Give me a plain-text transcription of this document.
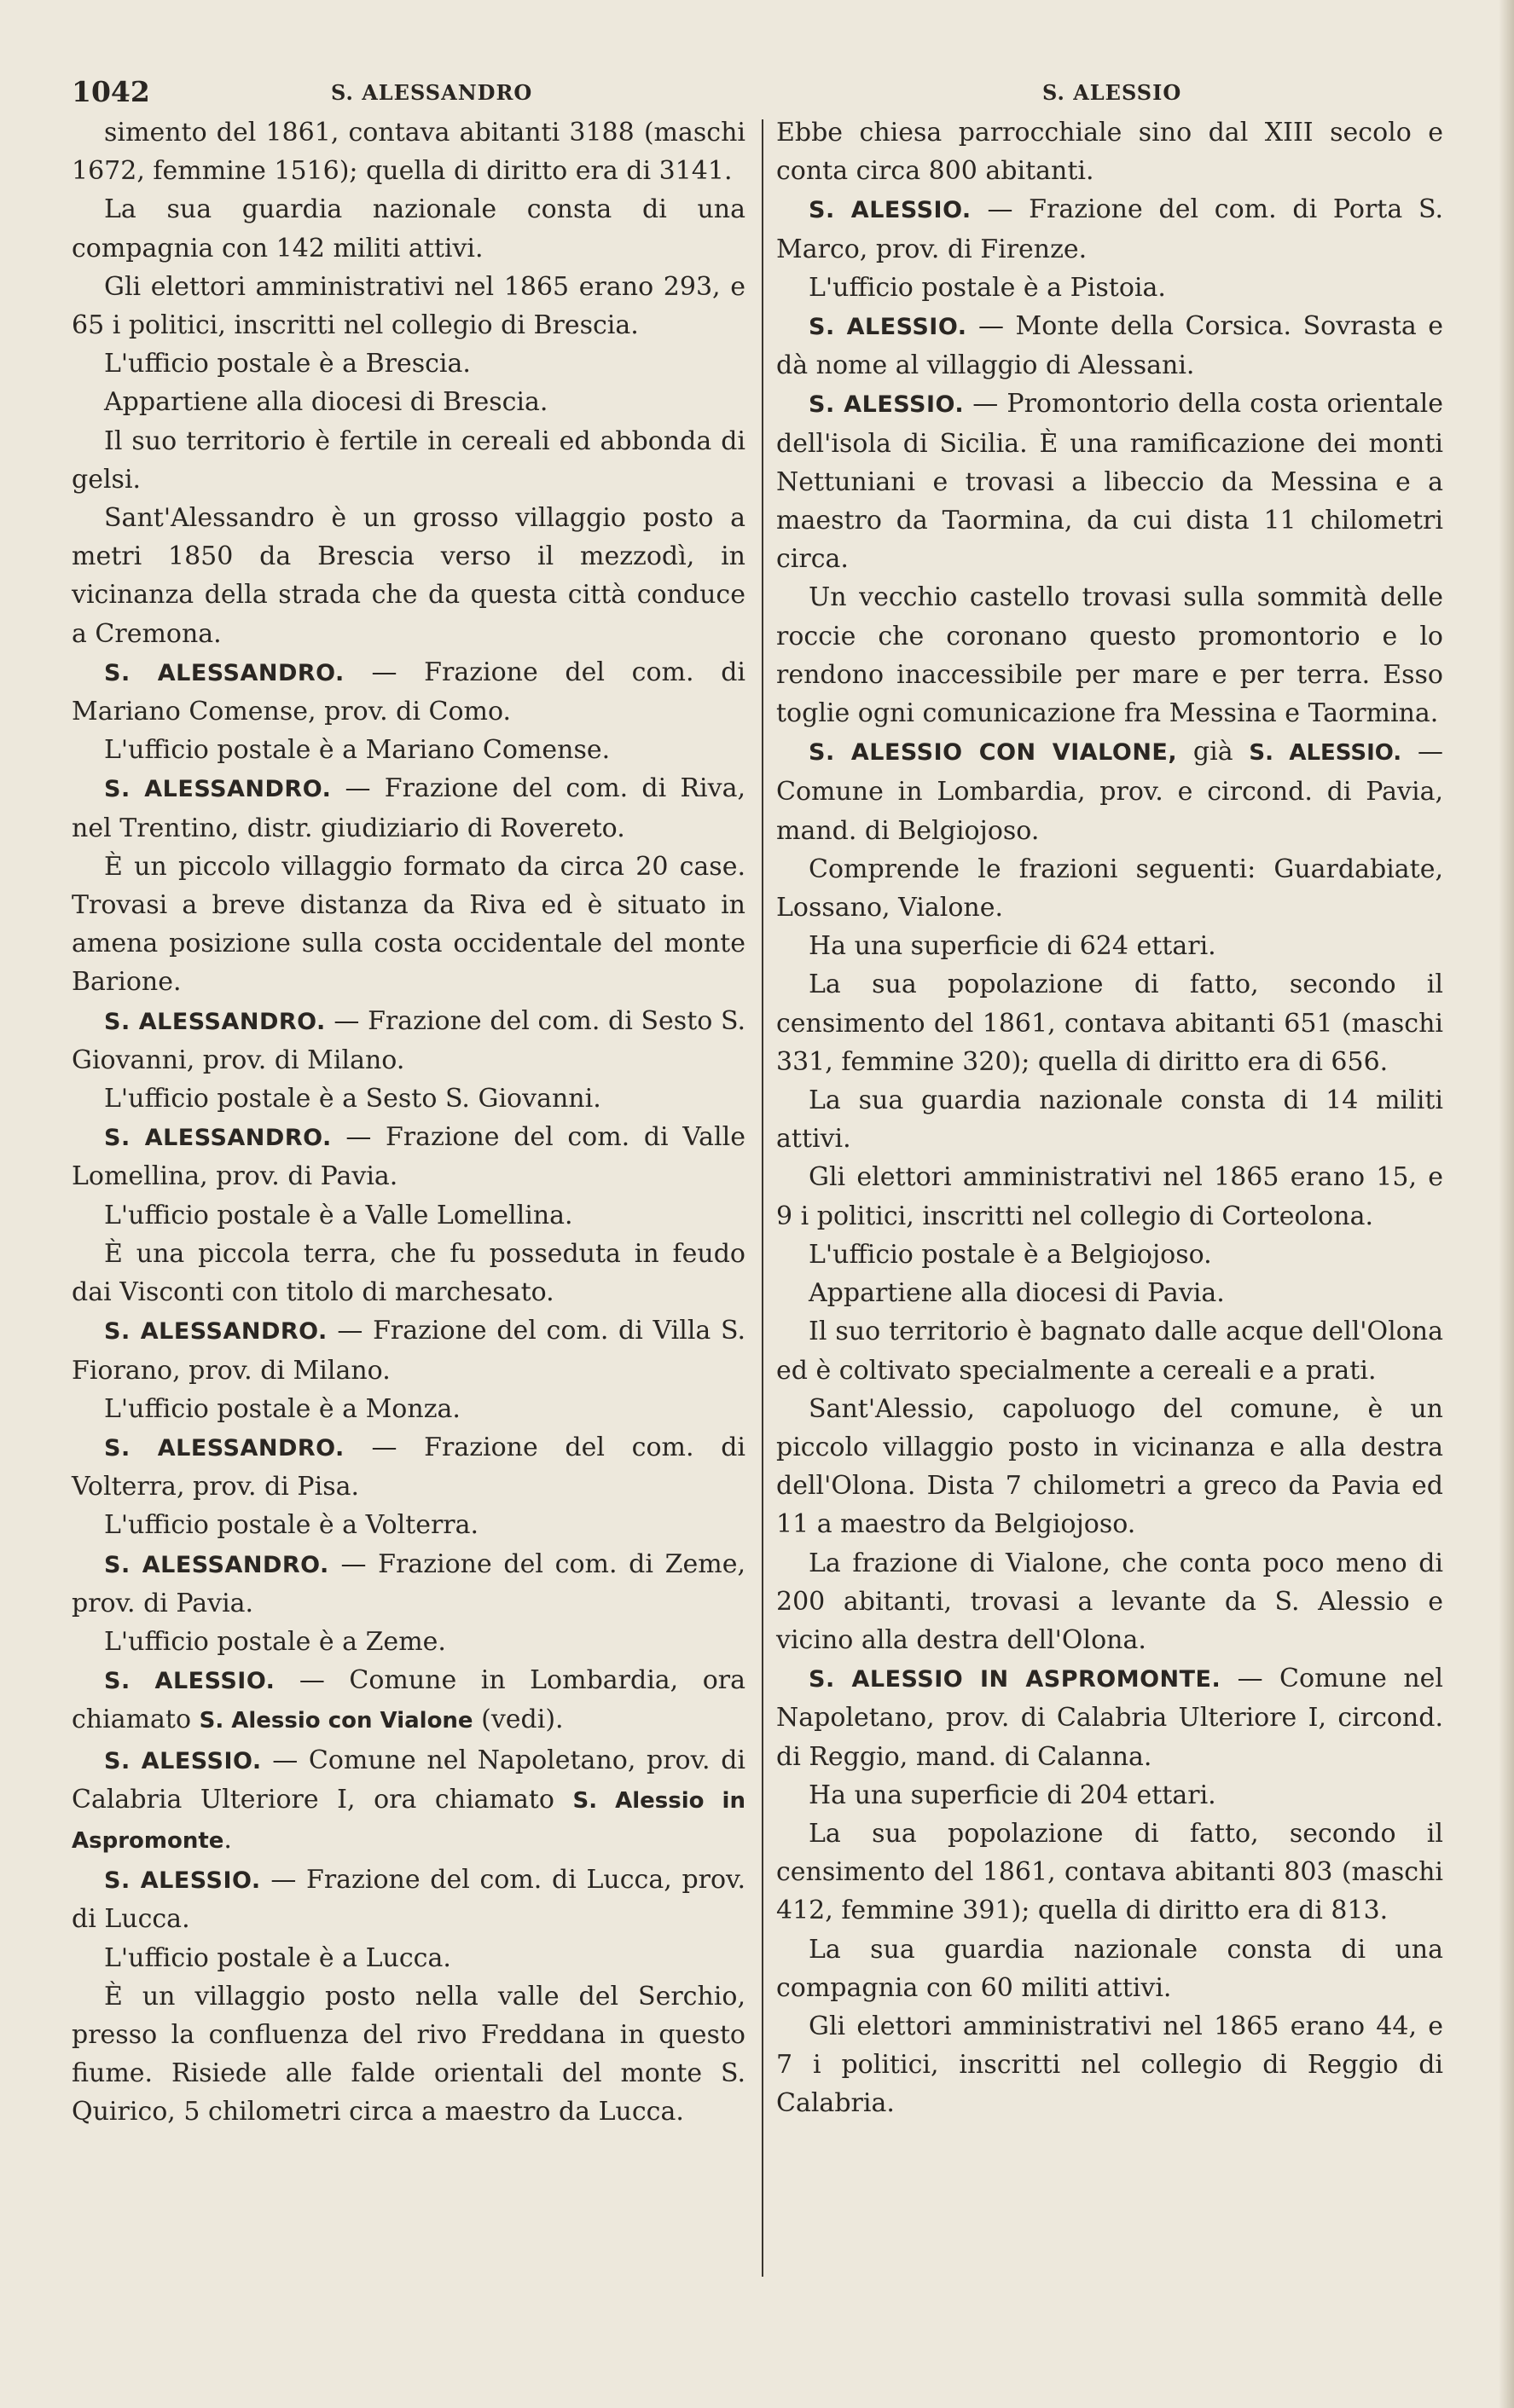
1042	S. ALESSANDRO	S. ALESSIO

simento del 1861, contava abitanti 3188 (maschi 1672, femmine 1516); quella di diritto era di 3141.

La sua guardia nazionale consta di una compagnia con 142 militi attivi.

Gli elettori amministrativi nel 1865 erano 293, e 65 i politici, inscritti nel collegio di Brescia.

L'ufficio postale è a Brescia.

Appartiene alla diocesi di Brescia.

Il suo territorio è fertile in cereali ed abbonda di gelsi.

Sant'Alessandro è un grosso villaggio posto a metri 1850 da Brescia verso il mezzodì, in vicinanza della strada che da questa città conduce a Cremona.

S. ALESSANDRO. — Frazione del com. di Mariano Comense, prov. di Como.

L'ufficio postale è a Mariano Comense.

S. ALESSANDRO. — Frazione del com. di Riva, nel Trentino, distr. giudiziario di Rovereto.

È un piccolo villaggio formato da circa 20 case. Trovasi a breve distanza da Riva ed è situato in amena posizione sulla costa occidentale del monte Barione.

S. ALESSANDRO. — Frazione del com. di Sesto S. Giovanni, prov. di Milano.

L'ufficio postale è a Sesto S. Giovanni.

S. ALESSANDRO. — Frazione del com. di Valle Lomellina, prov. di Pavia.

L'ufficio postale è a Valle Lomellina.

È una piccola terra, che fu posseduta in feudo dai Visconti con titolo di marchesato.

S. ALESSANDRO. — Frazione del com. di Villa S. Fiorano, prov. di Milano.

L'ufficio postale è a Monza.

S. ALESSANDRO. — Frazione del com. di Volterra, prov. di Pisa.

L'ufficio postale è a Volterra.

S. ALESSANDRO. — Frazione del com. di Zeme, prov. di Pavia.

L'ufficio postale è a Zeme.

S. ALESSIO. — Comune in Lombardia, ora chiamato S. Alessio con Vialone (vedi).

S. ALESSIO. — Comune nel Napoletano, prov. di Calabria Ulteriore I, ora chiamato S. Alessio in Aspromonte.

S. ALESSIO. — Frazione del com. di Lucca, prov. di Lucca.

L'ufficio postale è a Lucca.

È un villaggio posto nella valle del Serchio, presso la confluenza del rivo Freddana in questo fiume. Risiede alle falde orientali del monte S. Quirico, 5 chilometri circa a maestro da Lucca.

Ebbe chiesa parrocchiale sino dal XIII secolo e conta circa 800 abitanti.

S. ALESSIO. — Frazione del com. di Porta S. Marco, prov. di Firenze.

L'ufficio postale è a Pistoia.

S. ALESSIO. — Monte della Corsica. Sovrasta e dà nome al villaggio di Alessani.

S. ALESSIO. — Promontorio della costa orientale dell'isola di Sicilia. È una ramificazione dei monti Nettuniani e trovasi a libeccio da Messina e a maestro da Taormina, da cui dista 11 chilometri circa.

Un vecchio castello trovasi sulla sommità delle roccie che coronano questo promontorio e lo rendono inaccessibile per mare e per terra. Esso toglie ogni comunicazione fra Messina e Taormina.

S. ALESSIO CON VIALONE, già S. ALESSIO. — Comune in Lombardia, prov. e circond. di Pavia, mand. di Belgiojoso.

Comprende le frazioni seguenti: Guardabiate, Lossano, Vialone.

Ha una superficie di 624 ettari.

La sua popolazione di fatto, secondo il censimento del 1861, contava abitanti 651 (maschi 331, femmine 320); quella di diritto era di 656.

La sua guardia nazionale consta di 14 militi attivi.

Gli elettori amministrativi nel 1865 erano 15, e 9 i politici, inscritti nel collegio di Corteolona.

L'ufficio postale è a Belgiojoso.

Appartiene alla diocesi di Pavia.

Il suo territorio è bagnato dalle acque dell'Olona ed è coltivato specialmente a cereali e a prati.

Sant'Alessio, capoluogo del comune, è un piccolo villaggio posto in vicinanza e alla destra dell'Olona. Dista 7 chilometri a greco da Pavia ed 11 a maestro da Belgiojoso.

La frazione di Vialone, che conta poco meno di 200 abitanti, trovasi a levante da S. Alessio e vicino alla destra dell'Olona.

S. ALESSIO IN ASPROMONTE. — Comune nel Napoletano, prov. di Calabria Ulteriore I, circond. di Reggio, mand. di Calanna.

Ha una superficie di 204 ettari.

La sua popolazione di fatto, secondo il censimento del 1861, contava abitanti 803 (maschi 412, femmine 391); quella di diritto era di 813.

La sua guardia nazionale consta di una compagnia con 60 militi attivi.

Gli elettori amministrativi nel 1865 erano 44, e 7 i politici, inscritti nel collegio di Reggio di Calabria.
